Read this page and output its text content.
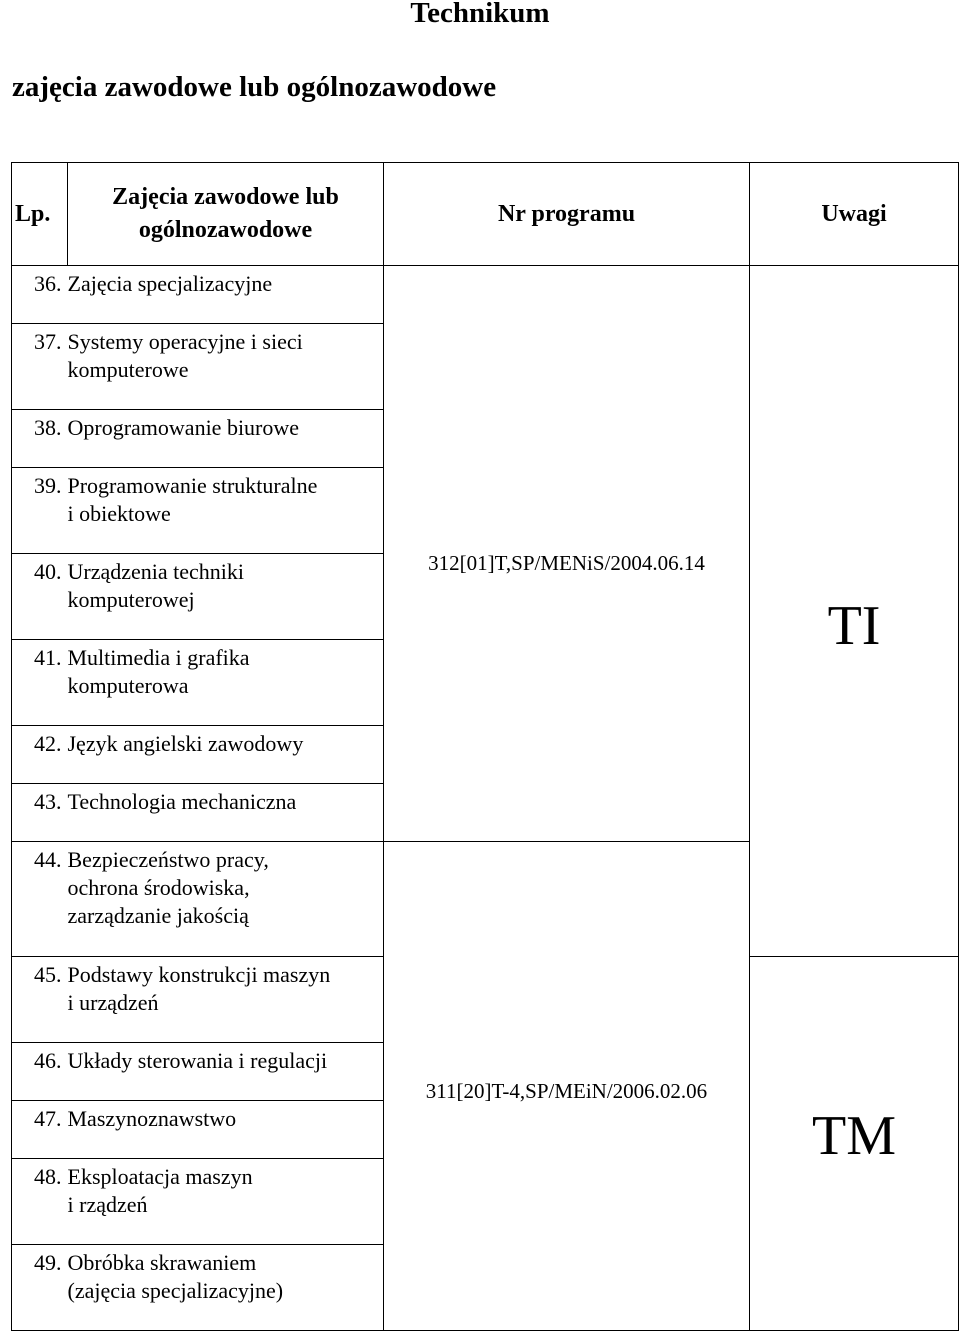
Technikum
zajęcia zawodowe lub ogólnozawodowe
Lp.	Zajęcia zawodowe lub
ogólnozawodowe	Nr programu	Uwagi
36.	Zajęcia specjalizacyjne	312[01]T,SP/MENiS/2004.06.14	TI
37.	Systemy operacyjne i sieci
komputerowe		
38.	Oprogramowanie biurowe		
39.	Programowanie strukturalne
i obiektowe		
40.	Urządzenia techniki
komputerowej		
41.	Multimedia i grafika
komputerowa		
42.	Język angielski zawodowy		
43.	Technologia mechaniczna		
44.	Bezpieczeństwo pracy,
ochrona środowiska,
zarządzanie jakością	311[20]T-4,SP/MEiN/2006.02.06	
45.	Podstawy konstrukcji maszyn
i urządzeń		TM
46.	Układy sterowania i regulacji		
47.	Maszynoznawstwo		
48.	Eksploatacja maszyn
i rządzeń		
49.	Obróbka skrawaniem
(zajęcia specjalizacyjne)		
